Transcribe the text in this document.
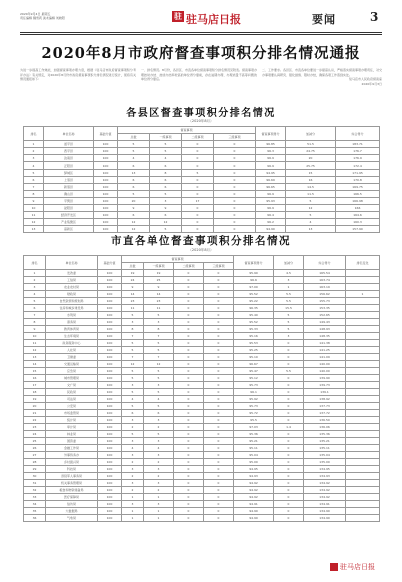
2020年9月4日 星期五
责任编辑 魏雪莉 美术编辑 刘晓阳	驻 驻马店日报	要闻	3
2020年8月市政府督查事项积分排名情况通报
为进一步提高工作效能，加强督查事项办理力度，根据《驻马店市政府督查事项积分考评办法》有关规定，对2020年8月份市政府督查事项积分排名情况进行统计，现将有关情况通报如下：
一、排名情况。8月份，各县区、市直各单位督查事项积分排名情况见附表。督查事项办理按时办结、按质办结率较高的单位得分靠前，存在逾期办理、办理质量不高等问题的单位得分靠后。
二、工作要求。各县区、市直各单位要进一步提高认识，严格落实督查事项办理责任，对交办事项要认真研究、强化措施、限时办结，确保各项工作落到实处。
驻马店市人民政府督查室
2020年9月3日
各县区督查事项积分排名情况
（2020年8月）
排名	单位名称	基础分值	督查事项				督查事项得分	加减分	综合得分
			总数	一般事项	二级事项	三级事项			
1	遂平县	100	5	5	0	0	96.85	51.5	183.71
2	西平县	100	5	5	0	0	96.3	24.75	176.7
3	汝南县	100	4	4	0	0	96.9	20	176.9
4	正阳县	100	6	6	0	0	96.9	25.75	172.4
5	驿城区	100	13	8	5	0	94.95	15	171.95
6	上蔡县	100	6	6	0	0	96.69	16	170.8
7	新蔡县	100	6	6	0	0	96.65	14.5	169.75
8	确山县	100	5	5	0	0	96.9	11.5	166.5
9	平舆县	100	20	3	17	0	95.93	5	166.98
10	泌阳县	100	9	9	0	0	96.9	12	166
11	经济开发区	100	6	6	0	0	96.4	5	164.6
12	产业集聚区	100	12	12	0	0	96.2	4	160.3
13	高新区	100	12	5	0	0	94.90	13	157.90
市直各单位督查事项积分排名情况
（2020年8月）
排名	单位名称	基础分值	督查事项				督查事项得分	加减分	综合得分	排名变化
			总数	一般事项	二级事项	三级事项				
1	发改委	100	19	19	0	0	95.90	4.5	165.54	
2	工信局	100	24	25	0	0	96.6	3	163.74	
3	农业农村局	100	9	9	0	0	97.00	1	163.19	
4	财政局	100	14	14	0	0	95.52	5.5	156.62	1
5	自然资源和规划局	100	23	23	0	0	95.22	5.5	155.73	
6	住房和城乡建设局	100	11	11	0	0	96.35	15.5	153.35	
7	水利局	100	5	5	0	0	95.40	5	152.65	
8	商务局	100	3	3	0	0	95.52	5	149.43	
9	教育体育局	100	8	8	0	0	95.33	5	148.93	
10	生态环境局	100	7	7	0	0	95.16	3	148.35	
11	政务服务中心	100	5	5	0	0	95.53	0	141.38	
12	人社局	100	5	5	0	0	95.25	0	141.25	
13	卫健委	100	7	7	0	0	95.10	0	141.09	
14	交通运输局	100	12	12	0	0	96.67	0	140.00	
15	应急局	100	5	5	0	0	95.47	5.5	140.00	
16	城市管理局	100	5	5	0	0	95.12	0	139.90	
17	文广局	100	3	3	0	0	95.73	0	139.73	
18	民政局	100	5	5	0	0	96.1	0	139.1	
19	司法局	100	4	4	0	0	95.92	0	138.92	
20	公安局	100	5	5	0	0	95.73	0	137.73	
21	市场监管局	100	6	6	0	0	95.72	0	137.72	
22	统计局	100	3	3	0	0	95.5	0	136.50	
23	审计局	100	2	2	0	0	97.03	1.4	136.06	
24	林业局	100	5	5	0	0	95.36	0	135.36	
25	国资委	100	3	3	0	0	95.21	0	135.21	
26	金融工作局	100	4	4	0	0	95.11	0	135.11	
27	外事侨务办	100	3	3	0	0	95.04	0	135.04	
28	乡村振兴局	100	2	2	0	0	95.00	0	135.00	
29	科技局	100	3	3	0	0	94.95	0	134.95	
30	退役军人事务局	100	2	2	0	0	94.93	0	134.93	
31	机关事务管理局	100	3	3	0	0	94.92	0	134.92	
32	粮食和物资储备局	100	2	2	0	0	94.92	0	134.92	
33	医疗保障局	100	1	1	0	0	94.92	0	134.92	
34	信访局	100	3	3	0	0	94.91	0	134.91	
35	大数据局	100	1	1	0	0	94.90	0	134.90	
36	气象局	100	1	1	0	0	94.90	0	134.90	
驻马店日报
